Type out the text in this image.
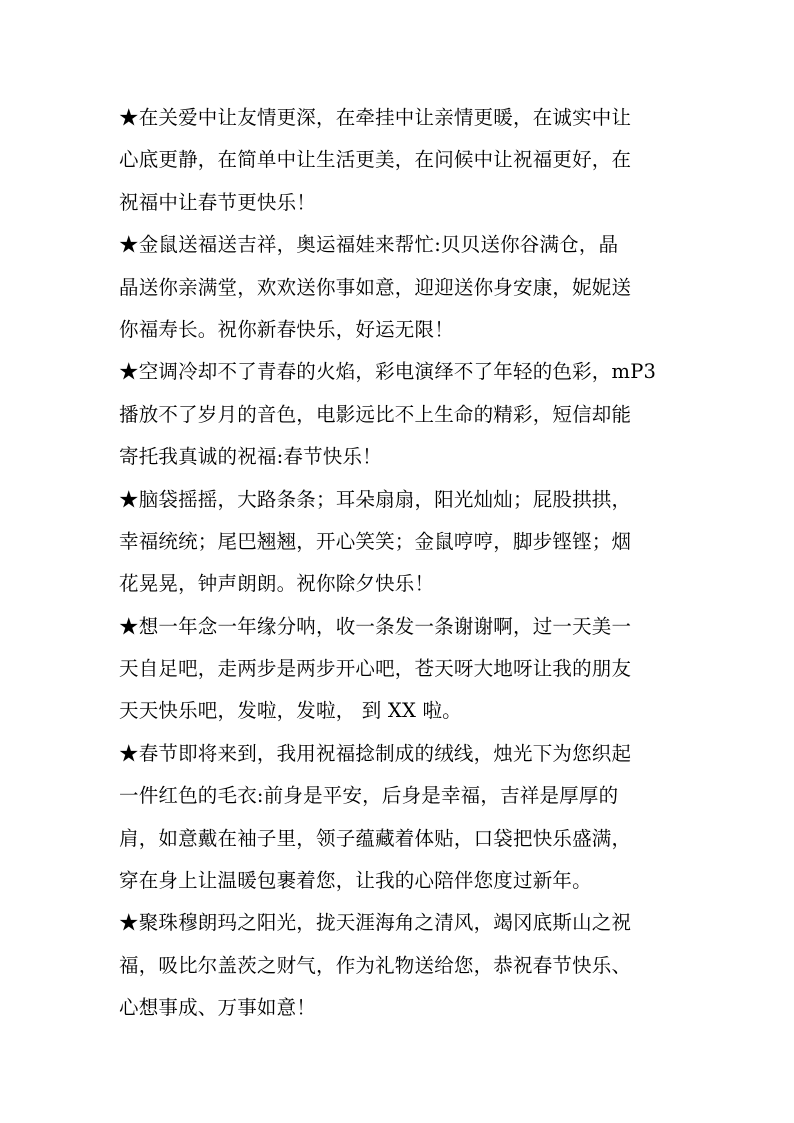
★在关爱中让友情更深，在牵挂中让亲情更暖，在诚实中让
心底更静，在简单中让生活更美，在问候中让祝福更好，在
祝福中让春节更快乐！
★金鼠送福送吉祥，奥运福娃来帮忙:贝贝送你谷满仓，晶
晶送你亲满堂，欢欢送你事如意，迎迎送你身安康，妮妮送
你福寿长。祝你新春快乐，好运无限！
★空调冷却不了青春的火焰，彩电演绎不了年轻的色彩，mP3
播放不了岁月的音色，电影远比不上生命的精彩，短信却能
寄托我真诚的祝福:春节快乐！
★脑袋摇摇，大路条条；耳朵扇扇，阳光灿灿；屁股拱拱，
幸福统统；尾巴翘翘，开心笑笑；金鼠哼哼，脚步铿铿；烟
花晃晃，钟声朗朗。祝你除夕快乐！
★想一年念一年缘分呐，收一条发一条谢谢啊，过一天美一
天自足吧，走两步是两步开心吧，苍天呀大地呀让我的朋友
天天快乐吧，发啦，发啦， 到 XX 啦。
★春节即将来到，我用祝福捻制成的绒线，烛光下为您织起
一件红色的毛衣:前身是平安，后身是幸福，吉祥是厚厚的
肩，如意戴在袖子里，领子蕴藏着体贴，口袋把快乐盛满，
穿在身上让温暖包裹着您，让我的心陪伴您度过新年。
★聚珠穆朗玛之阳光，拢天涯海角之清风，竭冈底斯山之祝
福，吸比尔盖茨之财气，作为礼物送给您，恭祝春节快乐、
心想事成、万事如意！
